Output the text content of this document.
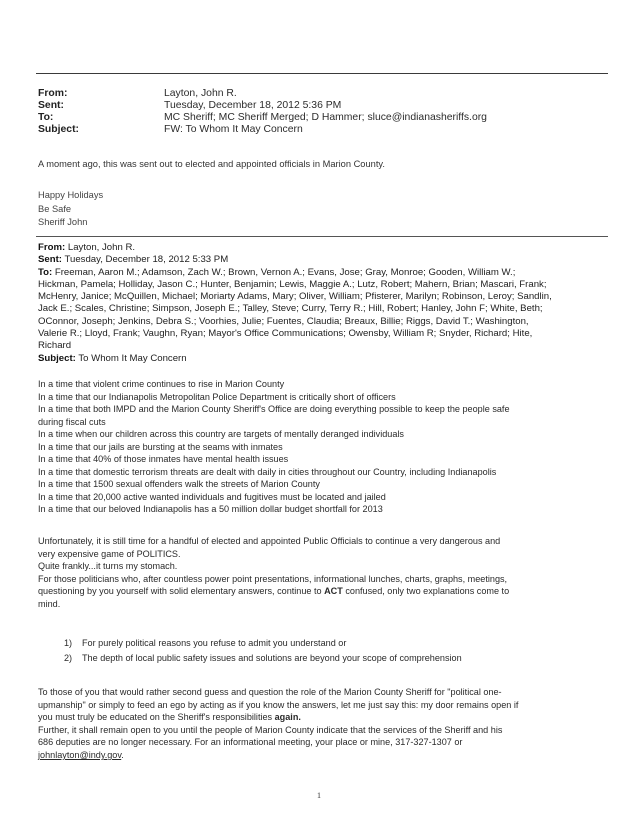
From:	Layton, John R.
Sent:	Tuesday, December 18, 2012 5:36 PM
To:	MC Sheriff; MC Sheriff Merged; D Hammer; sluce@indianasheriffs.org
Subject:	FW: To Whom It May Concern
A moment ago, this was sent out to elected and appointed officials in Marion County.
Happy Holidays
Be Safe
Sheriff John
From: Layton, John R.
Sent: Tuesday, December 18, 2012 5:33 PM
To: Freeman, Aaron M.; Adamson, Zach W.; Brown, Vernon A.; Evans, Jose; Gray, Monroe; Gooden, William W.;
Hickman, Pamela; Holliday, Jason C.; Hunter, Benjamin; Lewis, Maggie A.; Lutz, Robert; Mahern, Brian; Mascari, Frank;
McHenry, Janice; McQuillen, Michael; Moriarty Adams, Mary; Oliver, William; Pfisterer, Marilyn; Robinson, Leroy; Sandlin,
Jack E.; Scales, Christine; Simpson, Joseph E.; Talley, Steve; Curry, Terry R.; Hill, Robert; Hanley, John F; White, Beth;
OConnor, Joseph; Jenkins, Debra S.; Voorhies, Julie; Fuentes, Claudia; Breaux, Billie; Riggs, David T.; Washington,
Valerie R.; Lloyd, Frank; Vaughn, Ryan; Mayor's Office Communications; Owensby, William R; Snyder, Richard; Hite,
Richard
Subject: To Whom It May Concern
In a time that violent crime continues to rise in Marion County
In a time that our Indianapolis Metropolitan Police Department is critically short of officers
In a time that both IMPD and the Marion County Sheriff's Office are doing everything possible to keep the people safe
during fiscal cuts
In a time when our children across this country are targets of mentally deranged individuals
In a time that our jails are bursting at the seams with inmates
In a time that 40% of those inmates have mental health issues
In a time that domestic terrorism threats are dealt with daily in cities throughout our Country, including Indianapolis
In a time that 1500 sexual offenders walk the streets of Marion County
In a time that 20,000 active wanted individuals and fugitives must be located and jailed
In a time that our beloved Indianapolis has a 50 million dollar budget shortfall for 2013
Unfortunately, it is still time for a handful of elected and appointed Public Officials to continue a very dangerous and
very expensive game of POLITICS.
Quite frankly...it turns my stomach.
For those politicians who, after countless power point presentations, informational lunches, charts, graphs, meetings,
questioning by you yourself with solid elementary answers, continue to ACT confused, only two explanations come to
mind.
1) For purely political reasons you refuse to admit you understand or
2) The depth of local public safety issues and solutions are beyond your scope of comprehension
To those of you that would rather second guess and question the role of the Marion County Sheriff for "political one-
upmanship" or simply to feed an ego by acting as if you know the answers, let me just say this: my door remains open if
you must truly be educated on the Sheriff's responsibilities again.
Further, it shall remain open to you until the people of Marion County indicate that the services of the Sheriff and his
686 deputies are no longer necessary. For an informational meeting, your place or mine, 317-327-1307 or
johnlayton@indy.gov.
1
